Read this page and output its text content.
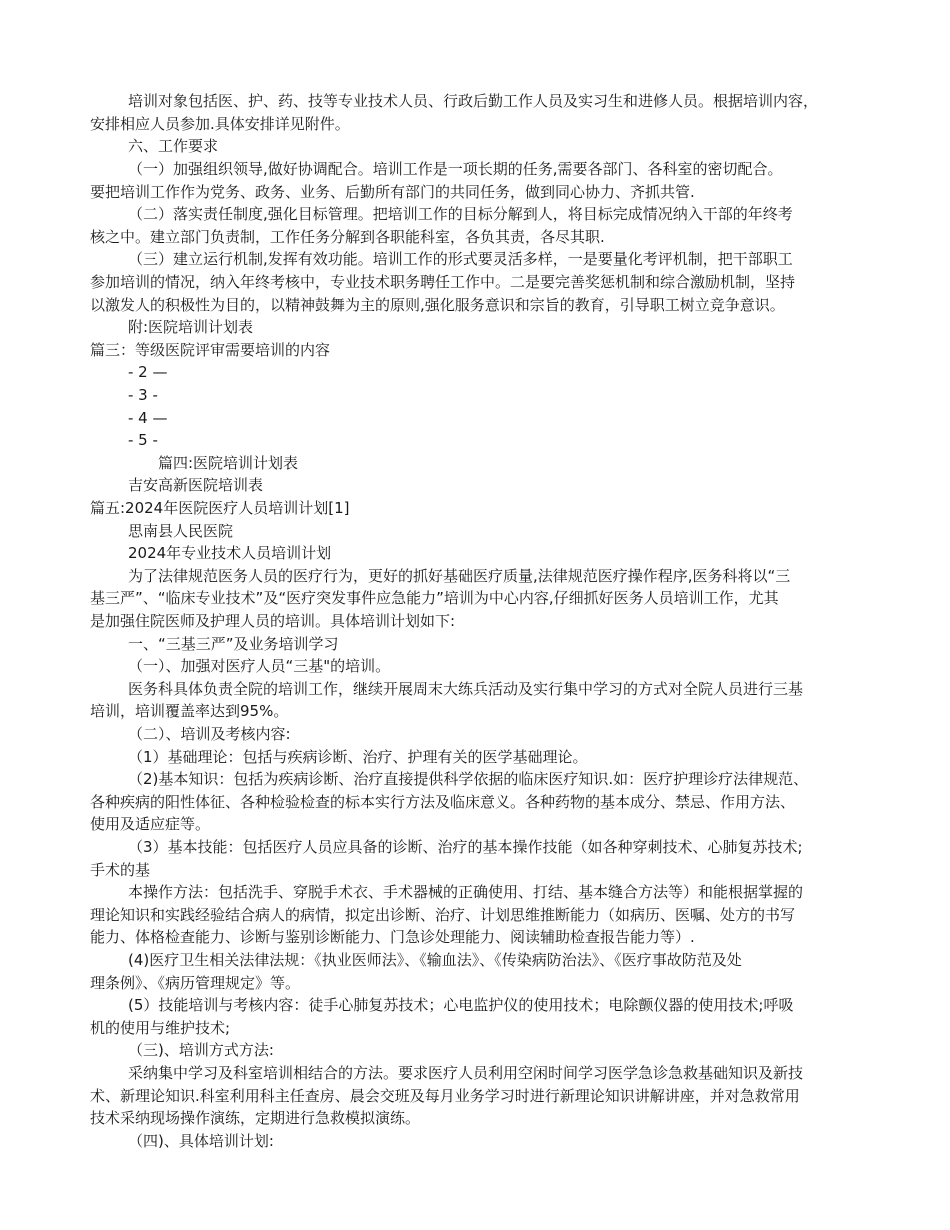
培训对象包括医、护、药、技等专业技术人员、行政后勤工作人员及实习生和进修人员。根据培训内容，
安排相应人员参加.具体安排详见附件。
六、工作要求
（一）加强组织领导,做好协调配合。培训工作是一项长期的任务,需要各部门、各科室的密切配合。
要把培训工作作为党务、政务、业务、后勤所有部门的共同任务，做到同心协力、齐抓共管.
（二）落实责任制度,强化目标管理。把培训工作的目标分解到人，将目标完成情况纳入干部的年终考
核之中。建立部门负责制，工作任务分解到各职能科室，各负其责，各尽其职.
（三）建立运行机制,发挥有效功能。培训工作的形式要灵活多样，一是要量化考评机制，把干部职工
参加培训的情况，纳入年终考核中，专业技术职务聘任工作中。二是要完善奖惩机制和综合激励机制，坚持
以激发人的积极性为目的，以精神鼓舞为主的原则,强化服务意识和宗旨的教育，引导职工树立竞争意识。
附:医院培训计划表
篇三：等级医院评审需要培训的内容
- 2 —
- 3 -
- 4 —
- 5 -
篇四:医院培训计划表
吉安高新医院培训表
篇五:2024年医院医疗人员培训计划[1]
思南县人民医院
2024年专业技术人员培训计划
为了法律规范医务人员的医疗行为，更好的抓好基础医疗质量,法律规范医疗操作程序,医务科将以“三
基三严”、“临床专业技术”及“医疗突发事件应急能力”培训为中心内容,仔细抓好医务人员培训工作，尤其
是加强住院医师及护理人员的培训。具体培训计划如下:
一、“三基三严”及业务培训学习
（一）、加强对医疗人员“三基"的培训。
医务科具体负责全院的培训工作，继续开展周末大练兵活动及实行集中学习的方式对全院人员进行三基
培训，培训覆盖率达到95%。
（二）、培训及考核内容:
（1）基础理论：包括与疾病诊断、治疗、护理有关的医学基础理论。
（2)基本知识：包括为疾病诊断、治疗直接提供科学依据的临床医疗知识.如：医疗护理诊疗法律规范、
各种疾病的阳性体征、各种检验检查的标本实行方法及临床意义。各种药物的基本成分、禁忌、作用方法、
使用及适应症等。
（3）基本技能：包括医疗人员应具备的诊断、治疗的基本操作技能（如各种穿刺技术、心肺复苏技术;
手术的基
本操作方法：包括洗手、穿脱手术衣、手术器械的正确使用、打结、基本缝合方法等）和能根据掌握的
理论知识和实践经验结合病人的病情，拟定出诊断、治疗、计划思维推断能力（如病历、医嘱、处方的书写
能力、体格检查能力、诊断与鉴别诊断能力、门急诊处理能力、阅读辅助检查报告能力等）.
(4)医疗卫生相关法律法规：《执业医师法》、《输血法》、《传染病防治法》、《医疗事故防范及处
理条例》、《病历管理规定》等。
(5）技能培训与考核内容：徒手心肺复苏技术；心电监护仪的使用技术；电除颤仪器的使用技术;呼吸
机的使用与维护技术;
（三)、培训方式方法:
采纳集中学习及科室培训相结合的方法。要求医疗人员利用空闲时间学习医学急诊急救基础知识及新技
术、新理论知识.科室利用科主任查房、晨会交班及每月业务学习时进行新理论知识讲解讲座，并对急救常用
技术采纳现场操作演练，定期进行急救模拟演练。
（四)、具体培训计划:
